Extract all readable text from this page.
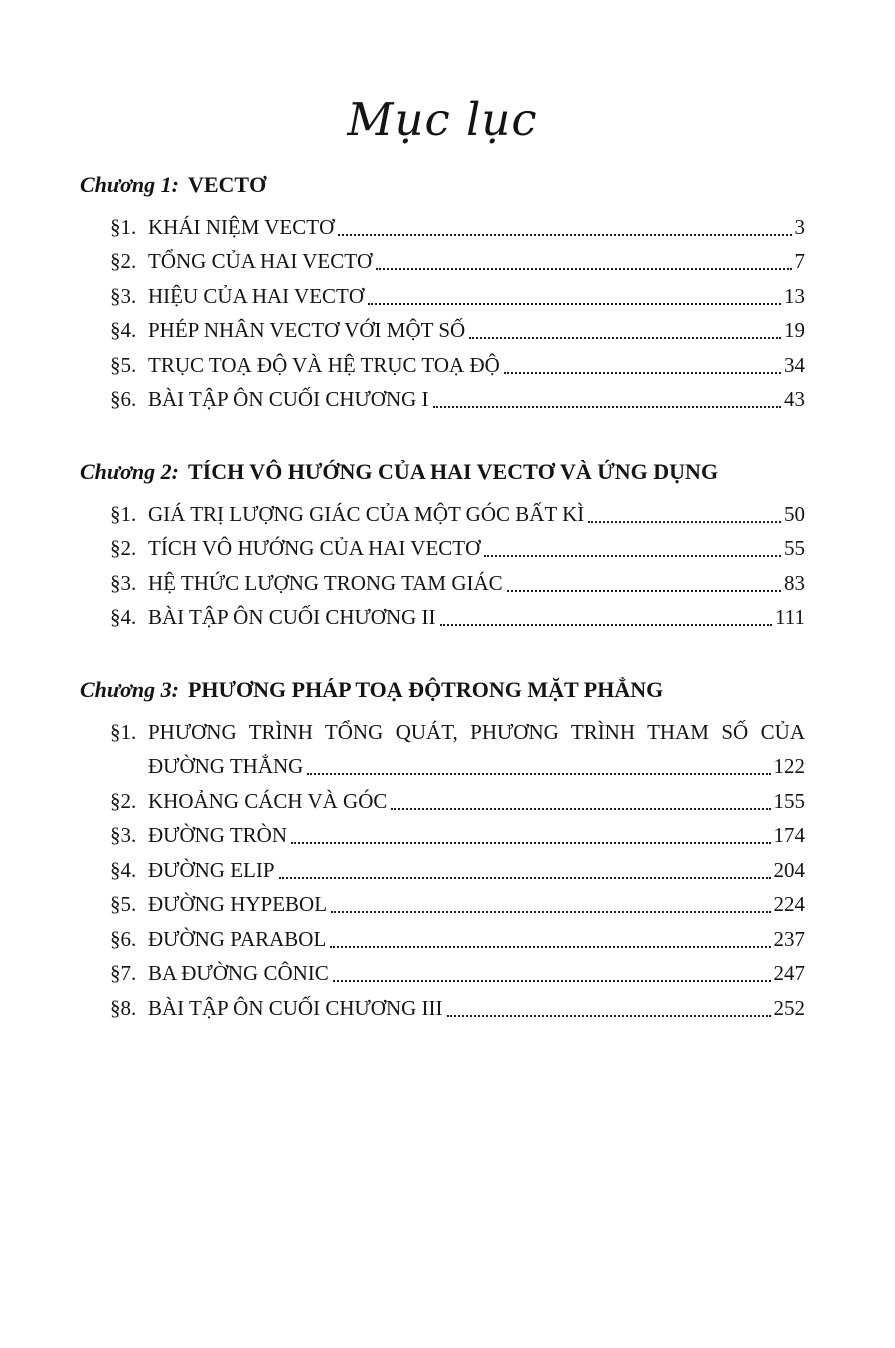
Mục lục
Chương 1: VECTƠ
§1. KHÁI NIỆM VECTƠ	3
§2. TỔNG CỦA HAI VECTƠ	7
§3. HIỆU CỦA HAI VECTƠ	13
§4. PHÉP NHÂN VECTƠ VỚI MỘT SỐ	19
§5. TRỤC TOẠ ĐỘ VÀ HỆ TRỤC TOẠ ĐỘ	34
§6. BÀI TẬP ÔN CUỐI CHƯƠNG I	43
Chương 2: TÍCH VÔ HƯỚNG CỦA HAI VECTƠ VÀ ỨNG DỤNG
§1. GIÁ TRỊ LƯỢNG GIÁC CỦA MỘT GÓC BẤT KÌ	50
§2. TÍCH VÔ HƯỚNG CỦA HAI VECTƠ	55
§3. HỆ THỨC LƯỢNG TRONG TAM GIÁC	83
§4. BÀI TẬP ÔN CUỐI CHƯƠNG II	111
Chương 3: PHƯƠNG PHÁP TOẠ ĐỘTRONG MẶT PHẲNG
§1. PHƯƠNG TRÌNH TỔNG QUÁT, PHƯƠNG TRÌNH THAM SỐ CỦA
ĐƯỜNG THẲNG	122
§2. KHOẢNG CÁCH VÀ GÓC	155
§3. ĐƯỜNG TRÒN	174
§4. ĐƯỜNG ELIP	204
§5. ĐƯỜNG HYPEBOL	224
§6. ĐƯỜNG PARABOL	237
§7. BA ĐƯỜNG CÔNIC	247
§8. BÀI TẬP ÔN CUỐI CHƯƠNG III	252
